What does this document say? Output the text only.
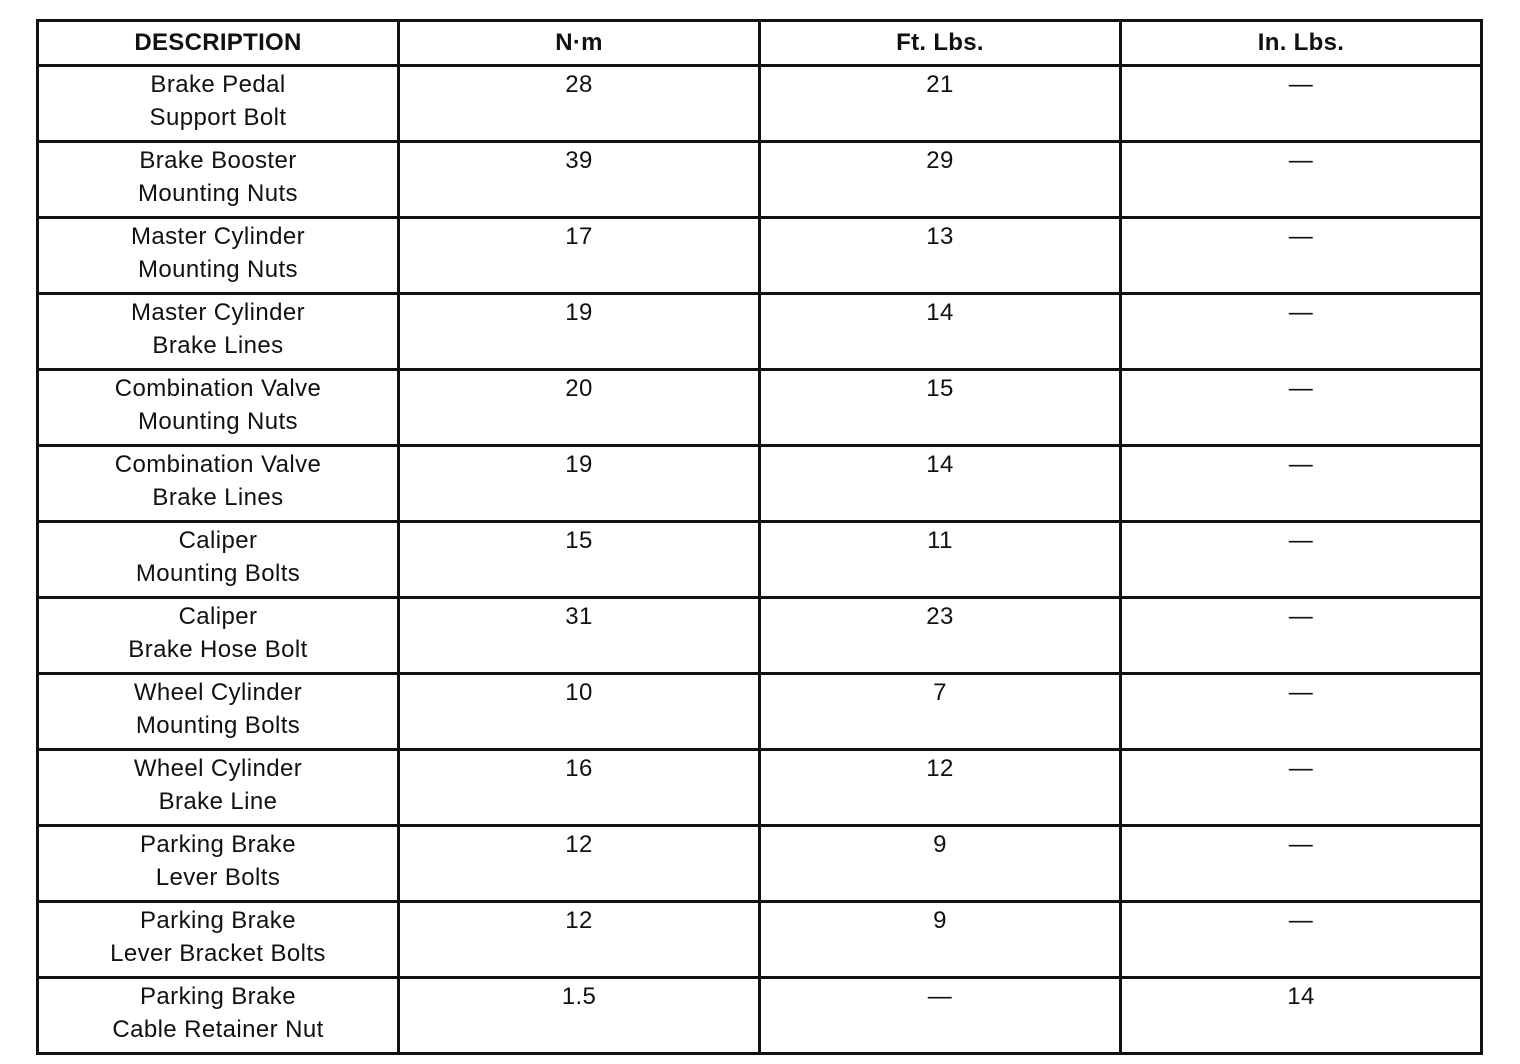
DESCRIPTION	N·m	Ft. Lbs.	In. Lbs.

Brake Pedal
Support Bolt	28	21	—

Brake Booster
Mounting Nuts	39	29	—

Master Cylinder
Mounting Nuts	17	13	—

Master Cylinder
Brake Lines	19	14	—

Combination Valve
Mounting Nuts	20	15	—

Combination Valve
Brake Lines	19	14	—

Caliper
Mounting Bolts	15	11	—

Caliper
Brake Hose Bolt	31	23	—

Wheel Cylinder
Mounting Bolts	10	7	—

Wheel Cylinder
Brake Line	16	12	—

Parking Brake
Lever Bolts	12	9	—

Parking Brake
Lever Bracket Bolts	12	9	—

Parking Brake
Cable Retainer Nut	1.5	—	14
